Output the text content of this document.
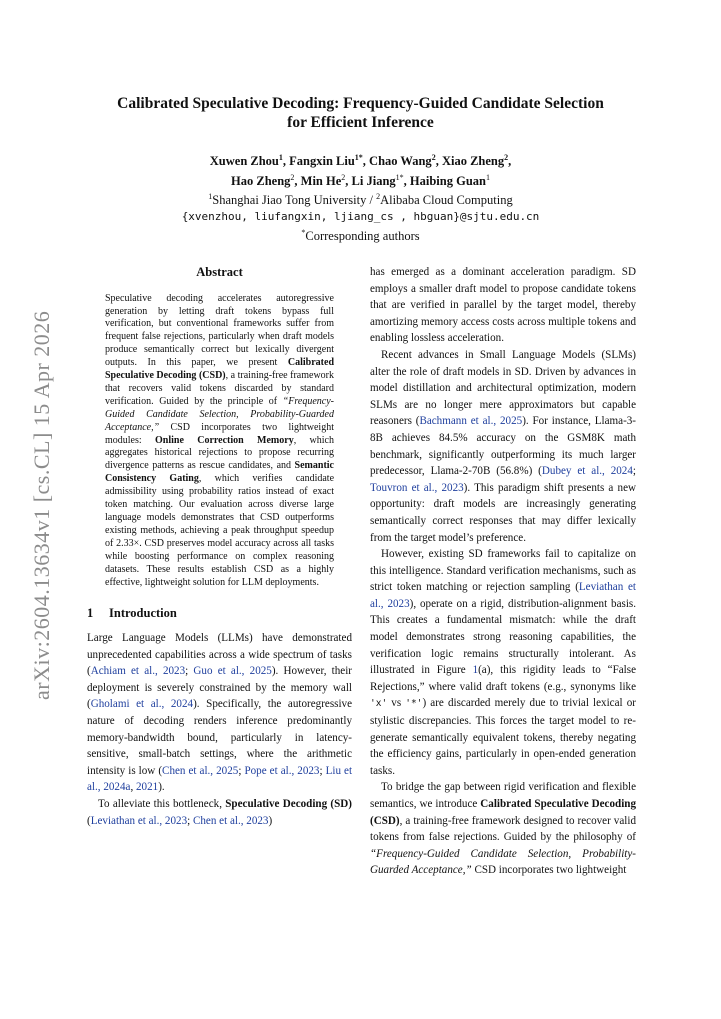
arXiv:2604.13634v1 [cs.CL] 15 Apr 2026
Calibrated Speculative Decoding: Frequency-Guided Candidate Selection
for Efficient Inference
Xuwen Zhou$^1$, Fangxin Liu$^{1*}$, Chao Wang$^2$, Xiao Zheng$^2$,
Hao Zheng$^2$, Min He$^2$, Li Jiang$^{1*}$, Haibing Guan$^1$
$^1$Shanghai Jiao Tong University / $^2$Alibaba Cloud Computing
{xvenzhou, liufangxin, ljiang_cs , hbguan}@sjtu.edu.cn
*Corresponding authors
Abstract
Speculative decoding accelerates autoregressive generation by letting draft tokens bypass full verification, but conventional frameworks suffer from frequent false rejections, particularly when draft models produce semantically correct but lexically divergent outputs. In this paper, we present Calibrated Speculative Decoding (CSD), a training-free framework that recovers valid tokens discarded by standard verification. Guided by the principle of “Frequency-Guided Candidate Selection, Probability-Guarded Acceptance,” CSD incorporates two lightweight modules: Online Correction Memory, which aggregates historical rejections to propose recurring divergence patterns as rescue candidates, and Semantic Consistency Gating, which verifies candidate admissibility using probability ratios instead of exact token matching. Our evaluation across diverse large language models demonstrates that CSD outperforms existing methods, achieving a peak throughput speedup of 2.33×. CSD preserves model accuracy across all tasks while boosting performance on complex reasoning datasets. These results establish CSD as a highly effective, lightweight solution for LLM deployments.
1 Introduction

Large Language Models (LLMs) have demonstrated unprecedented capabilities across a wide spectrum of tasks (Achiam et al., 2023; Guo et al., 2025). However, their deployment is severely constrained by the memory wall (Gholami et al., 2024). Specifically, the autoregressive nature of decoding renders inference predominantly memory-bandwidth bound, particularly in latency-sensitive, small-batch settings, where the arithmetic intensity is low (Chen et al., 2025; Pope et al., 2023; Liu et al., 2024a, 2021).

To alleviate this bottleneck, Speculative Decoding (SD) (Leviathan et al., 2023; Chen et al., 2023)

has emerged as a dominant acceleration paradigm. SD employs a smaller draft model to propose candidate tokens that are verified in parallel by the target model, thereby amortizing memory access costs across multiple tokens and enabling lossless acceleration.

Recent advances in Small Language Models (SLMs) alter the role of draft models in SD. Driven by advances in model distillation and architectural optimization, modern SLMs are no longer mere approximators but capable reasoners (Bachmann et al., 2025). For instance, Llama-3-8B achieves 84.5% accuracy on the GSM8K math benchmark, significantly outperforming its much larger predecessor, Llama-2-70B (56.8%) (Dubey et al., 2024; Touvron et al., 2023). This paradigm shift presents a new opportunity: draft models are increasingly generating semantically correct responses that may differ lexically from the target model’s preference.

However, existing SD frameworks fail to capitalize on this intelligence. Standard verification mechanisms, such as strict token matching or rejection sampling (Leviathan et al., 2023), operate on a rigid, distribution-alignment basis. This creates a fundamental mismatch: while the draft model demonstrates strong reasoning capabilities, the verification logic remains structurally intolerant. As illustrated in Figure 1(a), this rigidity leads to “False Rejections,” where valid draft tokens (e.g., synonyms like 'x' vs '*') are discarded merely due to trivial lexical or stylistic discrepancies. This forces the target model to re-generate semantically equivalent tokens, thereby negating the efficiency gains, particularly in open-ended generation tasks.

To bridge the gap between rigid verification and flexible semantics, we introduce Calibrated Speculative Decoding (CSD), a training-free framework designed to recover valid tokens from false rejections. Guided by the philosophy of “Frequency-Guided Candidate Selection, Probability-Guarded Acceptance,” CSD incorporates two lightweight
